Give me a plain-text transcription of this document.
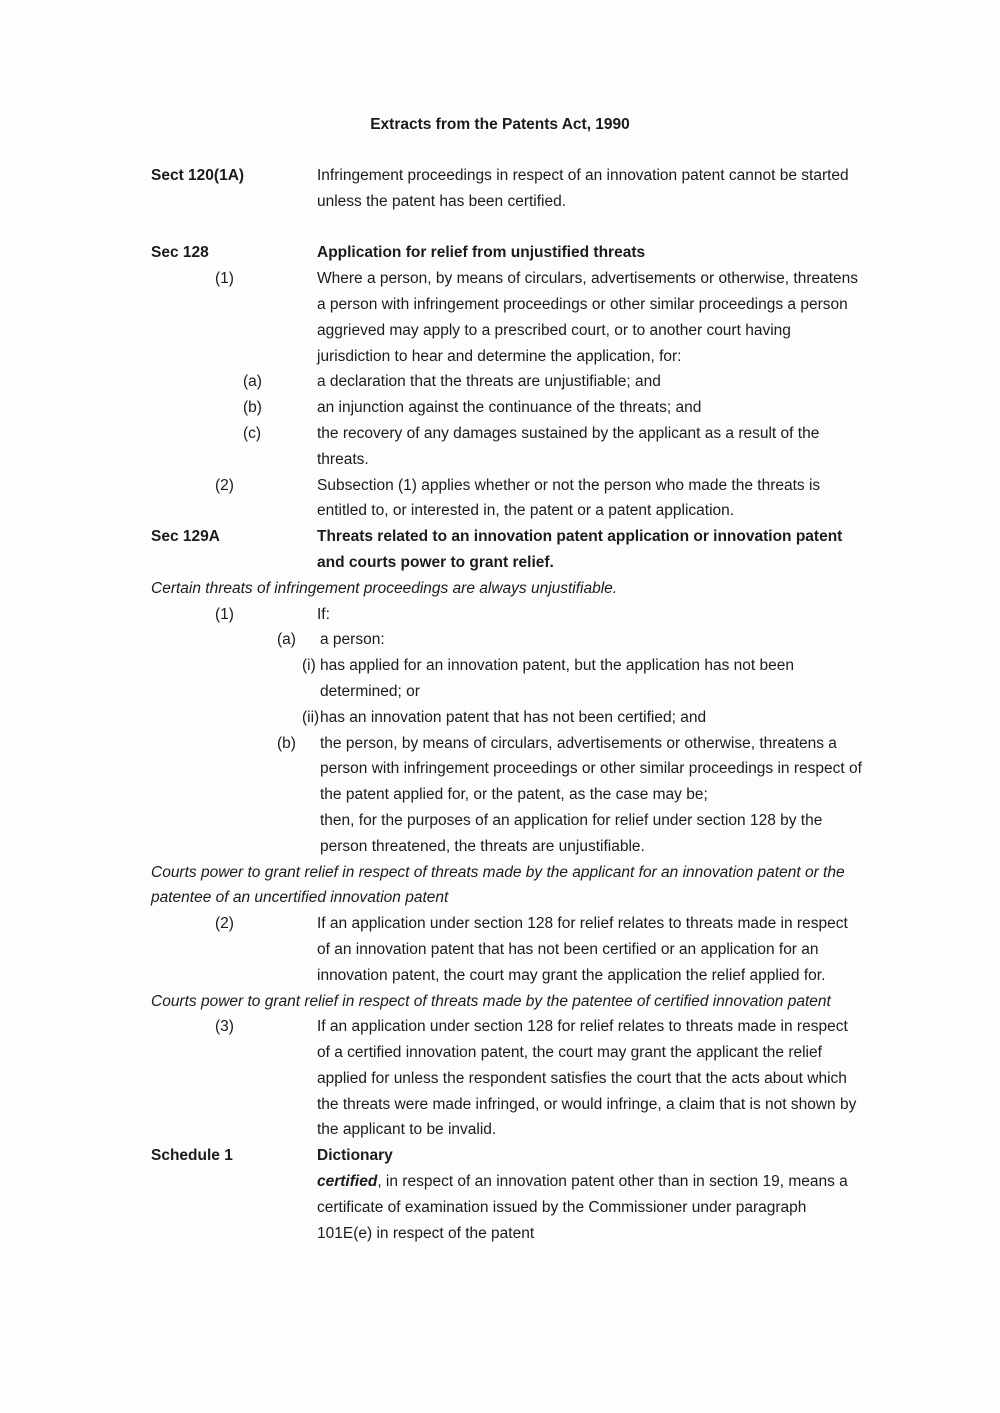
Extracts from the Patents Act, 1990
Sect 120(1A)	Infringement proceedings in respect of an innovation patent cannot be started
unless the patent has been certified.
Sec 128	Application for relief from unjustified threats
(1)	Where a person, by means of circulars, advertisements or otherwise, threatens
a person with infringement proceedings or other similar proceedings a person
aggrieved may apply to a prescribed court, or to another court having
jurisdiction to hear and determine the application, for:
(a)	a declaration that the threats are unjustifiable; and
(b)	an injunction against the continuance of the threats; and
(c)	the recovery of any damages sustained by the applicant as a result of the
threats.
(2)	Subsection (1) applies whether or not the person who made the threats is
entitled to, or interested in, the patent or a patent application.
Sec 129A	Threats related to an innovation patent application or innovation patent
and courts power to grant relief.
Certain threats of infringement proceedings are always unjustifiable.
(1)	If:
(a) a person:
(i) has applied for an innovation patent, but the application has not been
determined; or
(ii) has an innovation patent that has not been certified; and
(b) the person, by means of circulars, advertisements or otherwise, threatens a
person with infringement proceedings or other similar proceedings in respect of
the patent applied for, or the patent, as the case may be;
then, for the purposes of an application for relief under section 128 by the
person threatened, the threats are unjustifiable.
Courts power to grant relief in respect of threats made by the applicant for an innovation patent or the
patentee of an uncertified innovation patent
(2)	If an application under section 128 for relief relates to threats made in respect
of an innovation patent that has not been certified or an application for an
innovation patent, the court may grant the application the relief applied for.
Courts power to grant relief in respect of threats made by the patentee of certified innovation patent
(3)	If an application under section 128 for relief relates to threats made in respect
of a certified innovation patent, the court may grant the applicant the relief
applied for unless the respondent satisfies the court that the acts about which
the threats were made infringed, or would infringe, a claim that is not shown by
the applicant to be invalid.
Schedule 1	Dictionary
certified, in respect of an innovation patent other than in section 19, means a
certificate of examination issued by the Commissioner under paragraph
101E(e) in respect of the patent
